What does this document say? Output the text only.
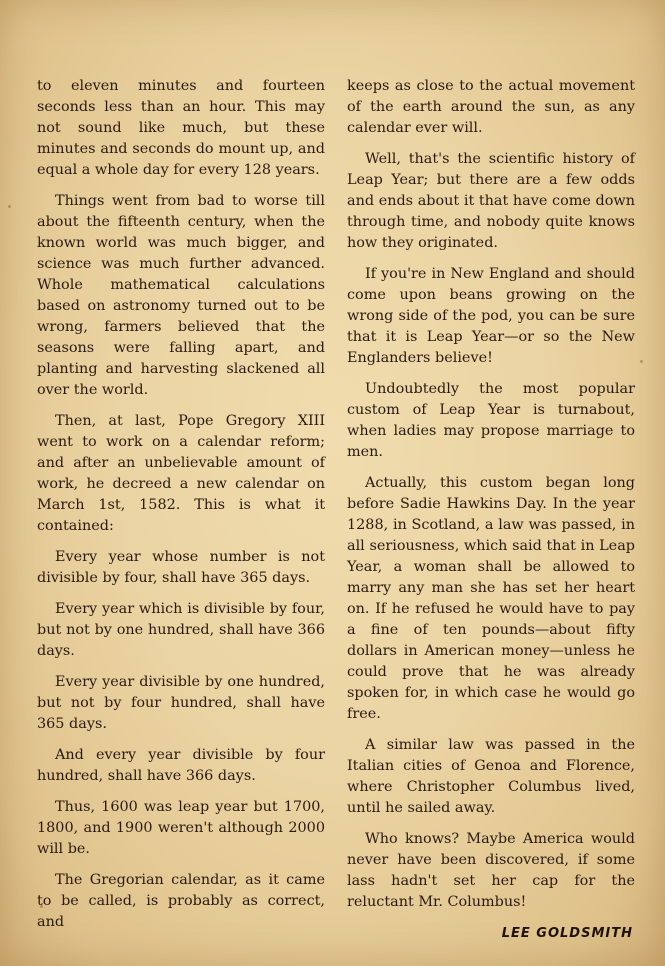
to eleven minutes and fourteen seconds less than an hour. This may not sound like much, but these minutes and seconds do mount up, and equal a whole day for every 128 years.

Things went from bad to worse till about the fifteenth century, when the known world was much bigger, and science was much further advanced. Whole mathematical calculations based on astronomy turned out to be wrong, farmers believed that the seasons were falling apart, and planting and harvesting slackened all over the world.

Then, at last, Pope Gregory XIII went to work on a calendar reform; and after an unbelievable amount of work, he decreed a new calendar on March 1st, 1582. This is what it contained:

Every year whose number is not divisible by four, shall have 365 days.

Every year which is divisible by four, but not by one hundred, shall have 366 days.

Every year divisible by one hundred, but not by four hundred, shall have 365 days.

And every year divisible by four hundred, shall have 366 days.

Thus, 1600 was leap year but 1700, 1800, and 1900 weren't although 2000 will be.

The Gregorian calendar, as it came to be called, is probably as correct, and

keeps as close to the actual movement of the earth around the sun, as any calendar ever will.

Well, that's the scientific history of Leap Year; but there are a few odds and ends about it that have come down through time, and nobody quite knows how they originated.

If you're in New England and should come upon beans growing on the wrong side of the pod, you can be sure that it is Leap Year—or so the New Englanders believe!

Undoubtedly the most popular custom of Leap Year is turnabout, when ladies may propose marriage to men.

Actually, this custom began long before Sadie Hawkins Day. In the year 1288, in Scotland, a law was passed, in all seriousness, which said that in Leap Year, a woman shall be allowed to marry any man she has set her heart on. If he refused he would have to pay a fine of ten pounds—about fifty dollars in American money—unless he could prove that he was already spoken for, in which case he would go free.

A similar law was passed in the Italian cities of Genoa and Florence, where Christopher Columbus lived, until he sailed away.

Who knows? Maybe America would never have been discovered, if some lass hadn't set her cap for the reluctant Mr. Columbus!

LEE GOLDSMITH
